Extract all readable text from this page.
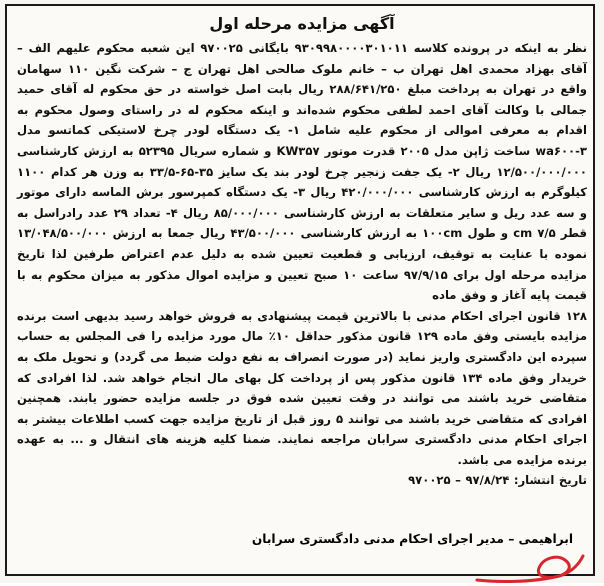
آگهی مزایده مرحله اول

نظر به اینکه در پرونده کلاسه ۹۳۰۹۹۸۰۰۰۰۳۰۱۰۱۱ بایگانی ۹۷۰۰۲۵ این شعبه محکوم علیهم الف – آقای بهزاد محمدی اهل تهران ب – خانم ملوک صالحی اهل تهران ج – شرکت نگین ۱۱۰ سهامان واقع در تهران به پرداخت مبلغ ۲۸۸/۶۴۱/۲۵۰ ریال بابت اصل خواسته در حق محکوم له آقای حمید جمالی با وکالت آقای احمد لطفی محکوم شده‌اند و اینکه محکوم له در راستای وصول محکوم به اقدام به معرفی اموالی از محکوم علیه شامل ۱- یک دستگاه لودر چرخ لاستیکی کماتسو مدل wa۶۰۰-۳ ساخت ژاپن مدل ۲۰۰۵ قدرت موتور KW۳۵۷ و شماره سریال ۵۲۳۹۵ به ارزش کارشناسی ۱۲/۵۰۰/۰۰۰/۰۰۰ ریال ۲- یک جفت زنجیر چرخ لودر بند یک سایز ۳۵-۶۵-۳۳/۵ به وزن هر کدام ۱۱۰۰ کیلوگرم به ارزش کارشناسی ۴۲۰/۰۰۰/۰۰۰ ریال ۳- یک دستگاه کمپرسور برش الماسه دارای موتور و سه عدد ریل و سایر متعلقات به ارزش کارشناسی ۸۵/۰۰۰/۰۰۰ ریال ۴- تعداد ۲۹ عدد رادراسل به قطر ۷/۵ cm و طول ۱۰۰cm به ارزش کارشناسی ۴۳/۵۰۰/۰۰۰ ریال جمعا به ارزش ۱۳/۰۴۸/۵۰۰/۰۰۰ نموده با عنایت به توقیف، ارزیابی و قطعیت تعیین شده به دلیل عدم اعتراض طرفین لذا تاریخ مزایده مرحله اول برای ۹۷/۹/۱۵ ساعت ۱۰ صبح تعیین و مزایده اموال مذکور به میزان محکوم به با قیمت پایه آغاز و وفق ماده

۱۲۸ قانون اجرای احکام مدنی با بالاترین قیمت پیشنهادی به فروش خواهد رسید بدیهی است برنده مزایده بایستی وفق ماده ۱۲۹ قانون مذکور حداقل ۱۰٪ مال مورد مزایده را فی المجلس به حساب سپرده این دادگستری واریز نماید (در صورت انصراف به نفع دولت ضبط می گردد) و تحویل ملک به خریدار وفق ماده ۱۳۴ قانون مذکور پس از پرداخت کل بهای مال انجام خواهد شد. لذا افرادی که متقاضی خرید باشند می توانند در وقت تعیین شده فوق در جلسه مزایده حضور یابند. همچنین افرادی که متقاضی خرید باشند می توانند ۵ روز قبل از تاریخ مزایده جهت کسب اطلاعات بیشتر به اجرای احکام مدنی دادگستری سرابان مراجعه نمایند. ضمنا کلیه هزینه های انتقال و ... به عهده برنده مزایده می باشد.

تاریخ انتشار: ۹۷/۸/۲۴ – ۹۷۰۰۲۵

ابراهیمی – مدیر اجرای احکام مدنی دادگستری سرابان
